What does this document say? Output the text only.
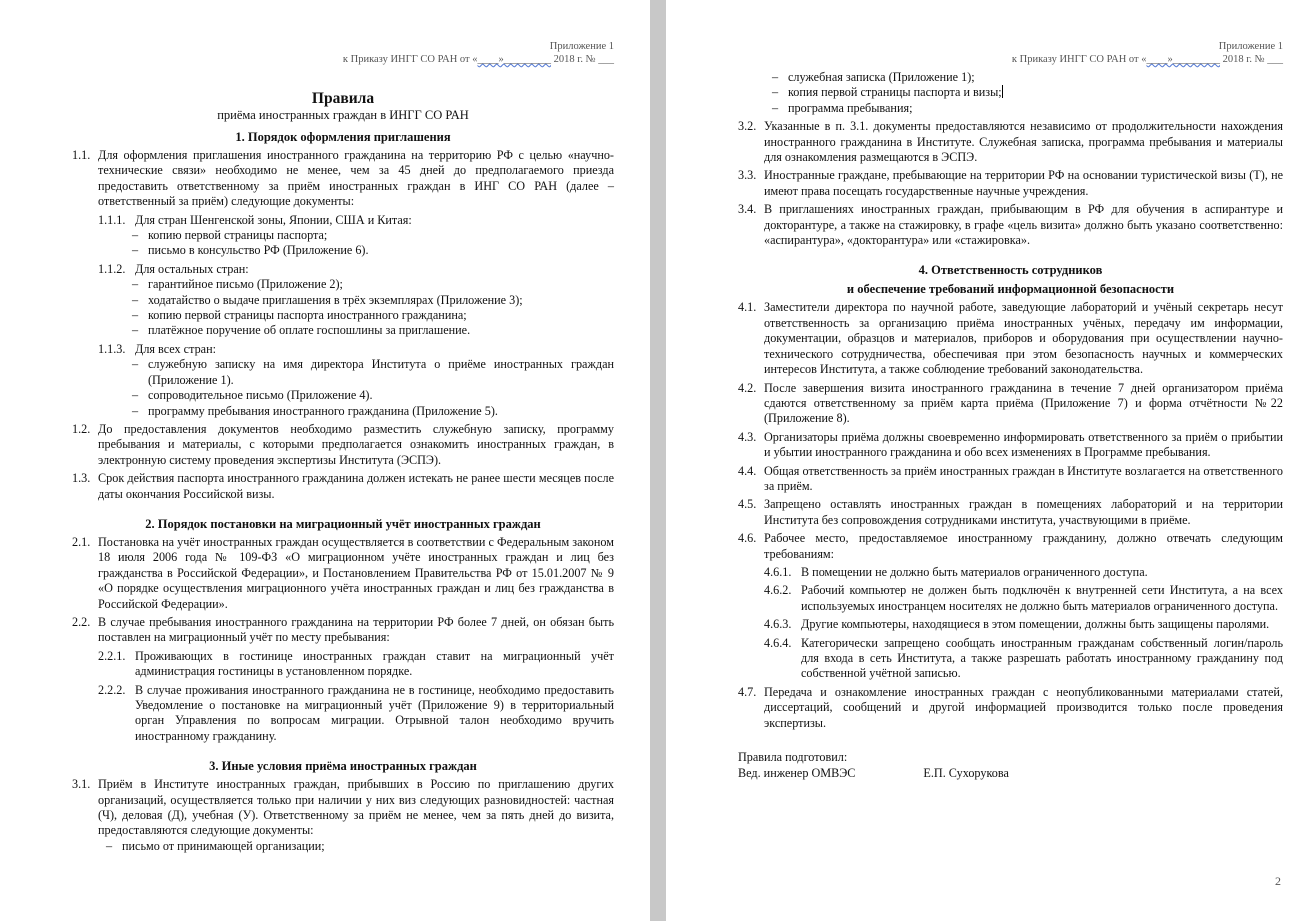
Приложение 1
к Приказу ИНГГ СО РАН от «____»_________ 2018 г. № ___
Правила
приёма иностранных граждан в ИНГГ СО РАН
1. Порядок оформления приглашения
1.1. Для оформления приглашения иностранного гражданина на территорию РФ с целью «научно-технические связи» необходимо не менее, чем за 45 дней до предполагаемого приезда предоставить ответственному за приём иностранных граждан в ИНГ СО РАН (далее – ответственный за приём) следующие документы:
1.1.1. Для стран Шенгенской зоны, Японии, США и Китая:
– копию первой страницы паспорта;
– письмо в консульство РФ (Приложение 6).
1.1.2. Для остальных стран:
– гарантийное письмо (Приложение 2);
– ходатайство о выдаче приглашения в трёх экземплярах (Приложение 3);
– копию первой страницы паспорта иностранного гражданина;
– платёжное поручение об оплате госпошлины за приглашение.
1.1.3. Для всех стран:
– служебную записку на имя директора Института о приёме иностранных граждан (Приложение 1).
– сопроводительное письмо (Приложение 4).
– программу пребывания иностранного гражданина (Приложение 5).
1.2. До предоставления документов необходимо разместить служебную записку, программу пребывания и материалы, с которыми предполагается ознакомить иностранных граждан, в электронную систему проведения экспертизы Института (ЭСПЭ).
1.3. Срок действия паспорта иностранного гражданина должен истекать не ранее шести месяцев после даты окончания Российской визы.
2. Порядок постановки на миграционный учёт иностранных граждан
2.1. Постановка на учёт иностранных граждан осуществляется в соответствии с Федеральным законом 18 июля 2006 года № 109-ФЗ «О миграционном учёте иностранных граждан и лиц без гражданства в Российской Федерации», и Постановлением Правительства РФ от 15.01.2007 № 9 «О порядке осуществления миграционного учёта иностранных граждан и лиц без гражданства в Российской Федерации».
2.2. В случае пребывания иностранного гражданина на территории РФ более 7 дней, он обязан быть поставлен на миграционный учёт по месту пребывания:
2.2.1. Проживающих в гостинице иностранных граждан ставит на миграционный учёт администрация гостиницы в установленном порядке.
2.2.2. В случае проживания иностранного гражданина не в гостинице, необходимо предоставить Уведомление о постановке на миграционный учёт (Приложение 9) в территориальный орган Управления по вопросам миграции. Отрывной талон необходимо вручить иностранному гражданину.
3. Иные условия приёма иностранных граждан
3.1. Приём в Институте иностранных граждан, прибывших в Россию по приглашению других организаций, осуществляется только при наличии у них виз следующих разновидностей: частная (Ч), деловая (Д), учебная (У). Ответственному за приём не менее, чем за пять дней до визита, предоставляются следующие документы:
– письмо от принимающей организации;
Приложение 1
к Приказу ИНГГ СО РАН от «____»_________ 2018 г. № ___
– служебная записка (Приложение 1);
– копия первой страницы паспорта и визы;
– программа пребывания;
3.2. Указанные в п. 3.1. документы предоставляются независимо от продолжительности нахождения иностранного гражданина в Институте. Служебная записка, программа пребывания и материалы для ознакомления размещаются в ЭСПЭ.
3.3. Иностранные граждане, пребывающие на территории РФ на основании туристической визы (Т), не имеют права посещать государственные научные учреждения.
3.4. В приглашениях иностранных граждан, прибывающим в РФ для обучения в аспирантуре и докторантуре, а также на стажировку, в графе «цель визита» должно быть указано соответственно: «аспирантура», «докторантура» или «стажировка».
4. Ответственность сотрудников
и обеспечение требований информационной безопасности
4.1. Заместители директора по научной работе, заведующие лабораторий и учёный секретарь несут ответственность за организацию приёма иностранных учёных, передачу им информации, документации, образцов и материалов, приборов и оборудования при осуществлении научно-технического сотрудничества, обеспечивая при этом безопасность научных и коммерческих интересов Института, а также соблюдение требований законодательства.
4.2. После завершения визита иностранного гражданина в течение 7 дней организатором приёма сдаются ответственному за приём карта приёма (Приложение 7) и форма отчётности №22 (Приложение 8).
4.3. Организаторы приёма должны своевременно информировать ответственного за приём о прибытии и убытии иностранного гражданина и обо всех изменениях в Программе пребывания.
4.4. Общая ответственность за приём иностранных граждан в Институте возлагается на ответственного за приём.
4.5. Запрещено оставлять иностранных граждан в помещениях лабораторий и на территории Института без сопровождения сотрудниками института, участвующими в приёме.
4.6. Рабочее место, предоставляемое иностранному гражданину, должно отвечать следующим требованиям:
4.6.1. В помещении не должно быть материалов ограниченного доступа.
4.6.2. Рабочий компьютер не должен быть подключён к внутренней сети Института, а на всех используемых иностранцем носителях не должно быть материалов ограниченного доступа.
4.6.3. Другие компьютеры, находящиеся в этом помещении, должны быть защищены паролями.
4.6.4. Категорически запрещено сообщать иностранным гражданам собственный логин/пароль для входа в сеть Института, а также разрешать работать иностранному гражданину под собственной учётной записью.
4.7. Передача и ознакомление иностранных граждан с неопубликованными материалами статей, диссертаций, сообщений и другой информацией производится только после проведения экспертизы.
Правила подготовил:
Вед. инженер ОМВЭС	Е.П. Сухорукова
2
